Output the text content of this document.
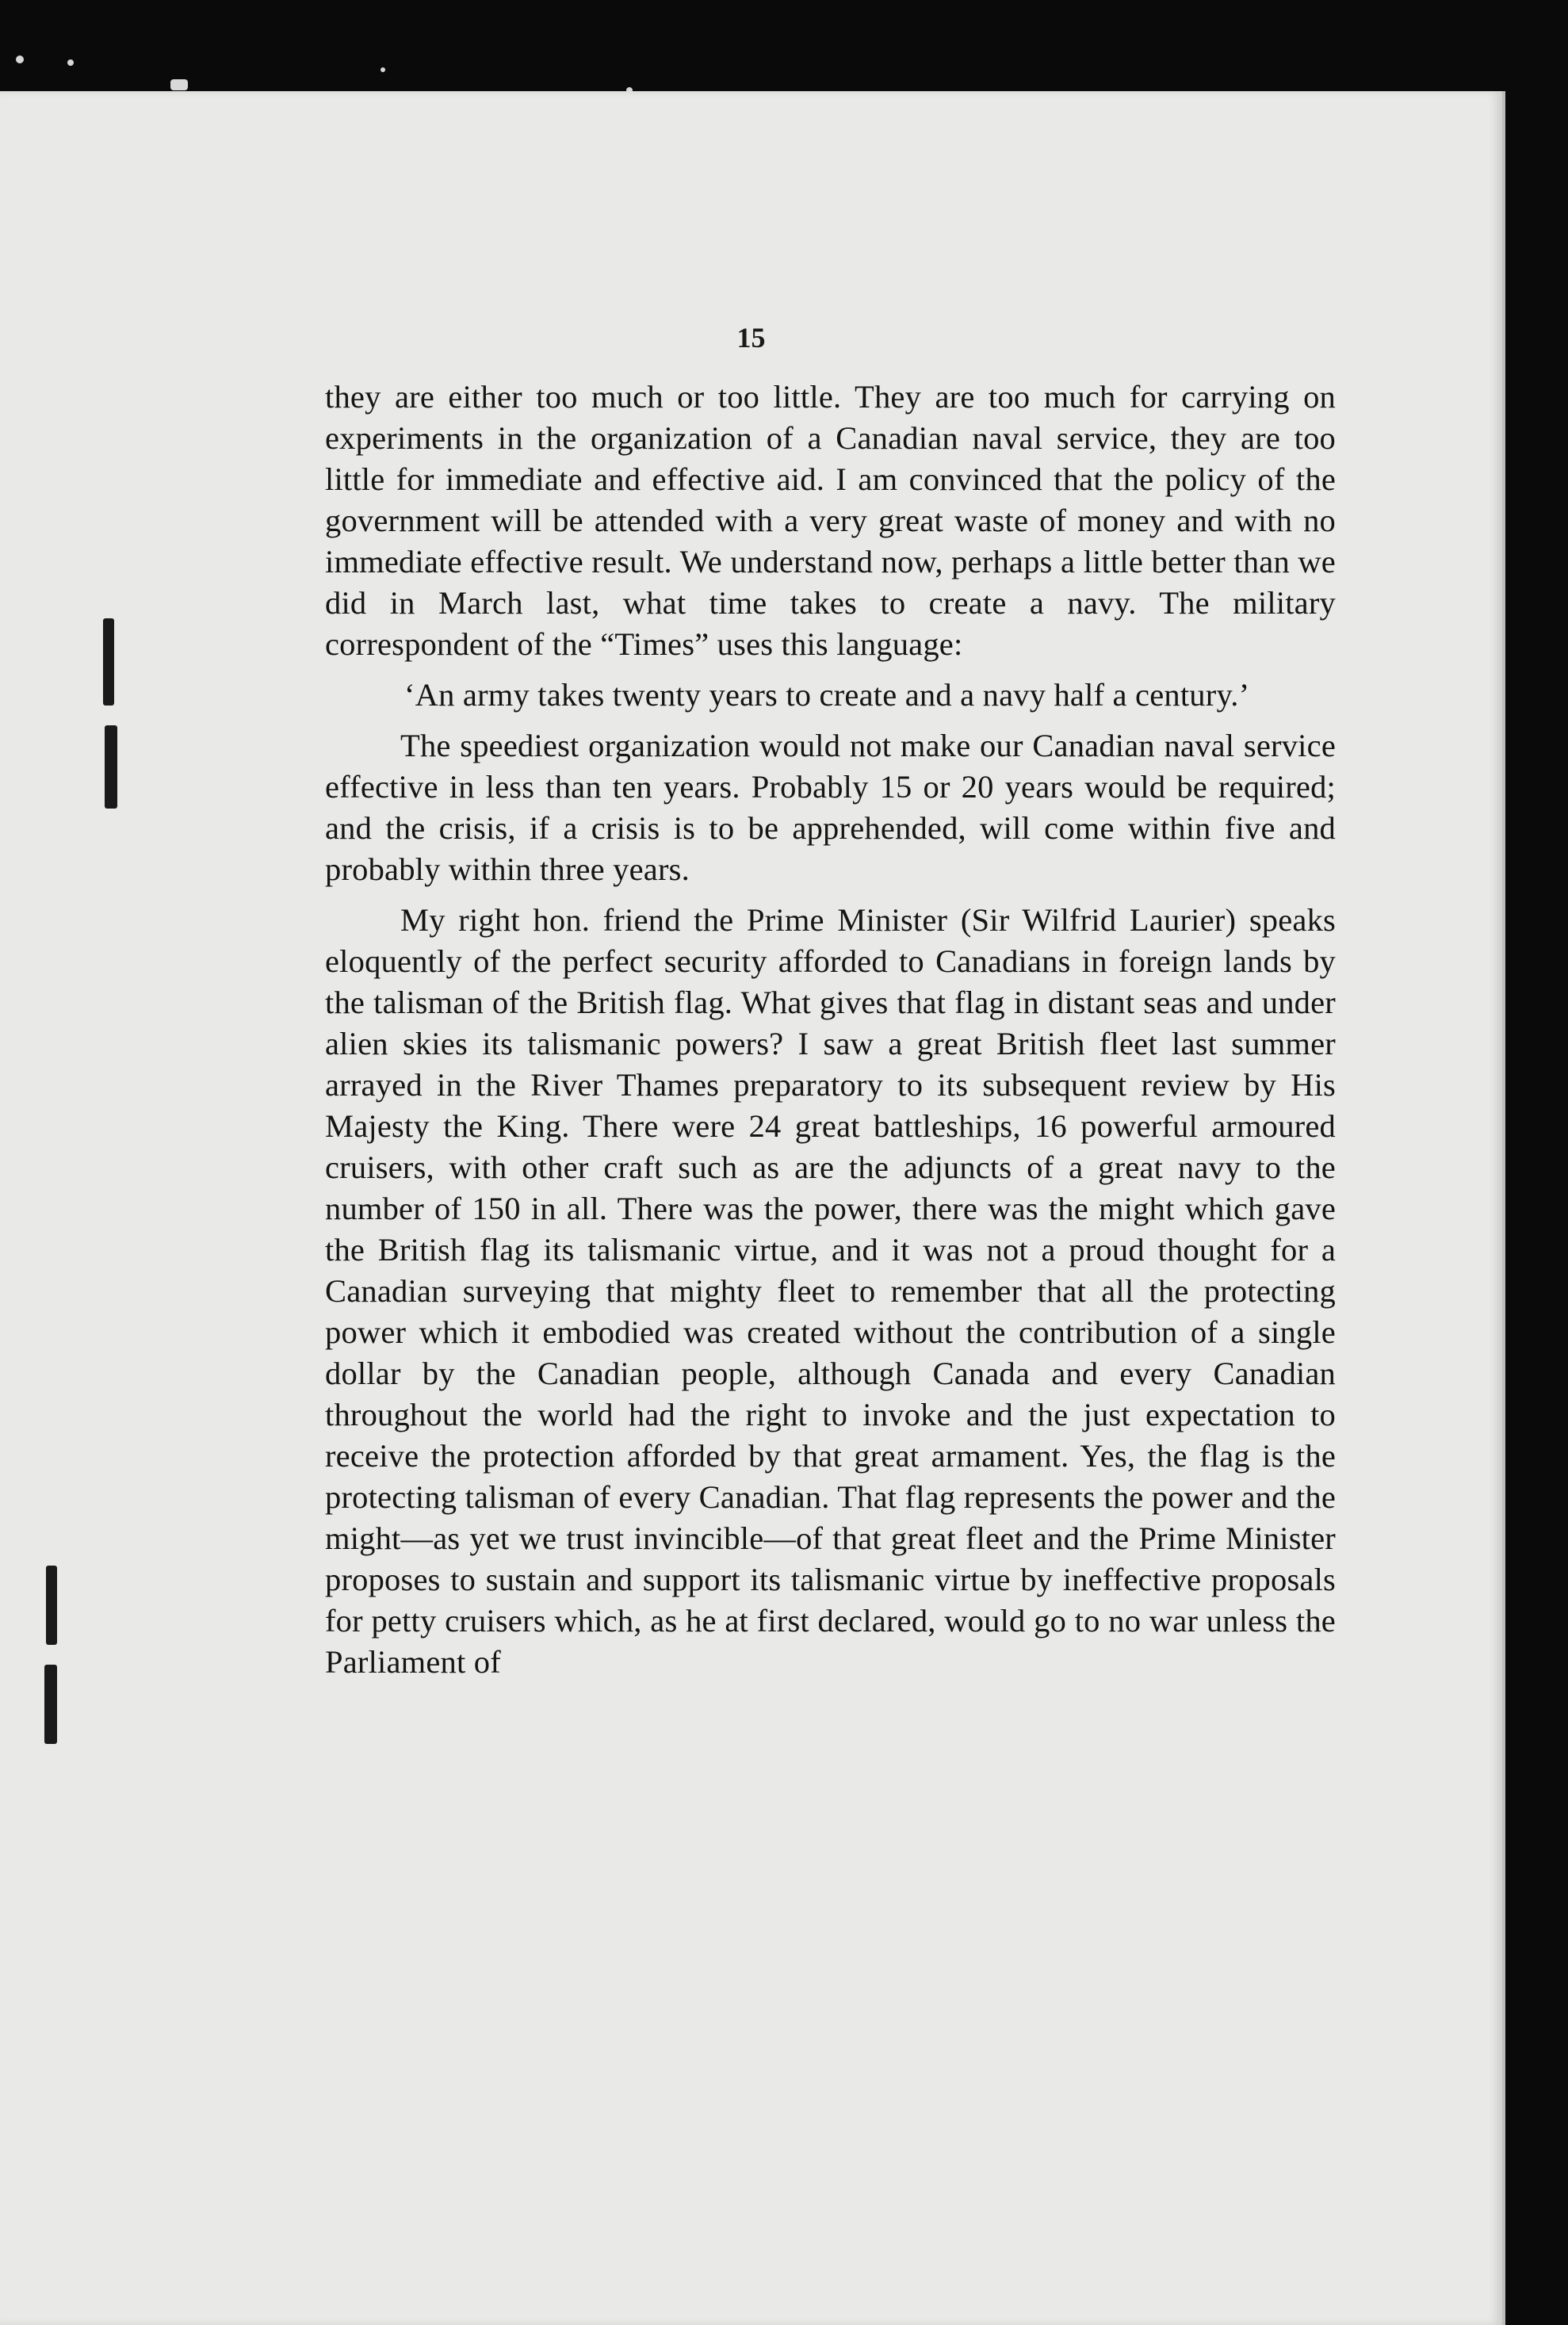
15

they are either too much or too little. They are too much for carrying on experiments in the organization of a Canadian naval service, they are too little for immediate and effective aid. I am convinced that the policy of the government will be attended with a very great waste of money and with no immediate effective result. We understand now, perhaps a little better than we did in March last, what time takes to create a navy. The military correspondent of the “Times” uses this language:

‘An army takes twenty years to create and a navy half a century.’

The speediest organization would not make our Canadian naval service effective in less than ten years. Probably 15 or 20 years would be required; and the crisis, if a crisis is to be apprehended, will come within five and probably within three years.

My right hon. friend the Prime Minister (Sir Wilfrid Laurier) speaks eloquently of the perfect security afforded to Canadians in foreign lands by the talisman of the British flag. What gives that flag in distant seas and under alien skies its talismanic powers? I saw a great British fleet last summer arrayed in the River Thames preparatory to its subsequent review by His Majesty the King. There were 24 great battleships, 16 powerful armoured cruisers, with other craft such as are the adjuncts of a great navy to the number of 150 in all. There was the power, there was the might which gave the British flag its talismanic virtue, and it was not a proud thought for a Canadian surveying that mighty fleet to remember that all the protecting power which it embodied was created without the contribution of a single dollar by the Canadian people, although Canada and every Canadian throughout the world had the right to invoke and the just expectation to receive the protection afforded by that great armament. Yes, the flag is the protecting talisman of every Canadian. That flag represents the power and the might—as yet we trust invincible—of that great fleet and the Prime Minister proposes to sustain and support its talismanic virtue by ineffective proposals for petty cruisers which, as he at first declared, would go to no war unless the Parliament of
